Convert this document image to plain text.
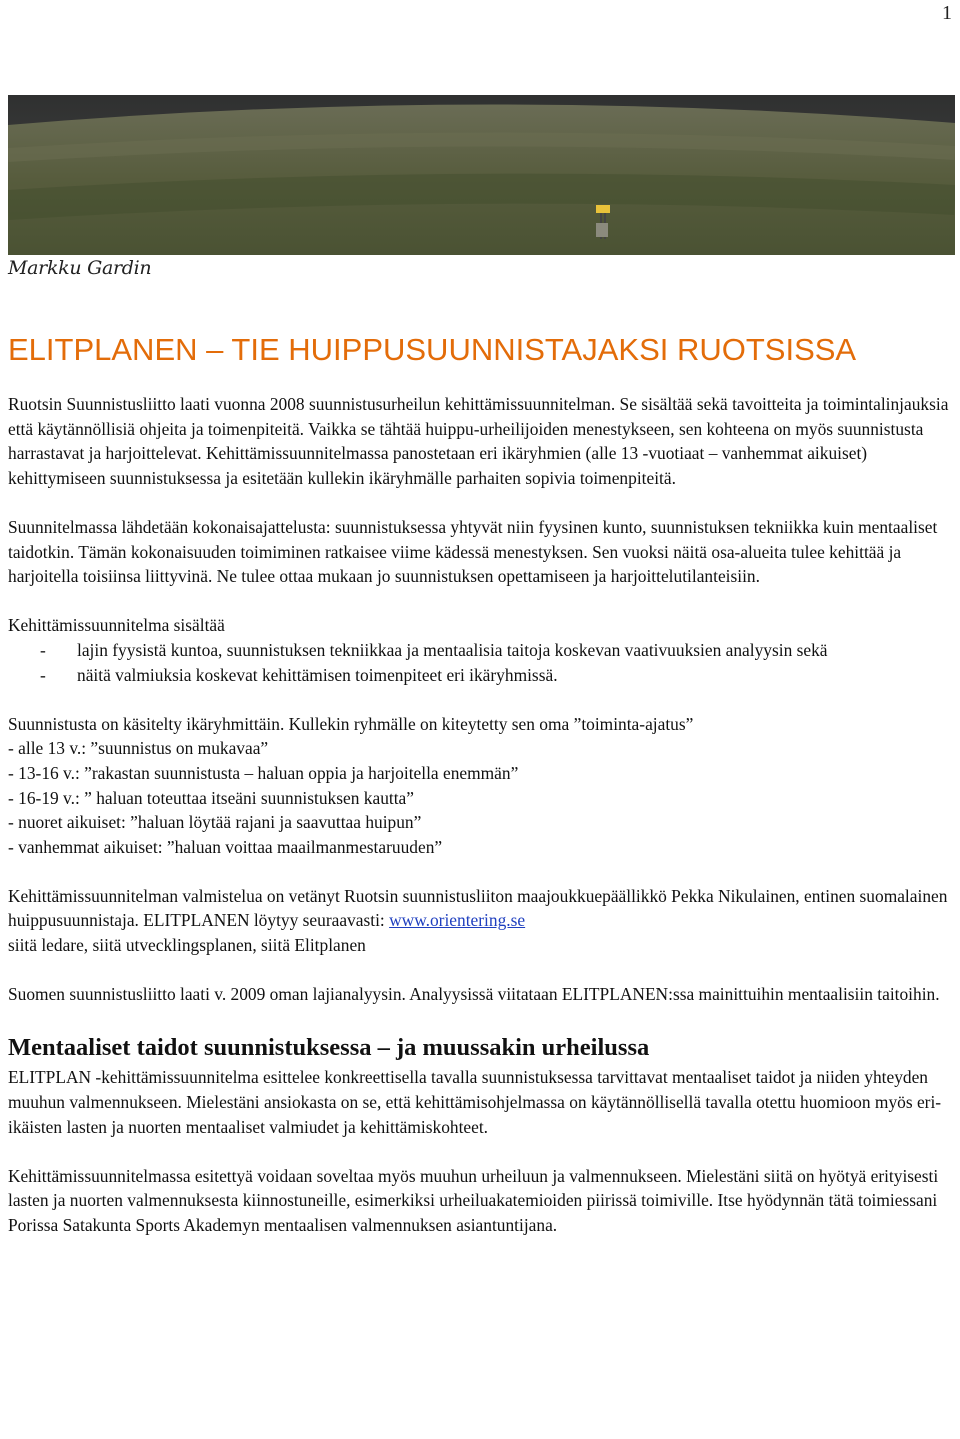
1
Markku Gardin
ELITPLANEN – TIE HUIPPUSUUNNISTAJAKSI RUOTSISSA

Ruotsin Suunnistusliitto laati vuonna 2008 suunnistusurheilun kehittämissuunnitelman. Se sisältää sekä tavoitteita ja toimintalinjauksia että käytännöllisiä ohjeita ja toimenpiteitä. Vaikka se tähtää huippu-urheilijoiden menestykseen, sen kohteena on myös suunnistusta harrastavat ja harjoittelevat. Kehittämissuunnitelmassa panostetaan eri ikäryhmien (alle 13 -vuotiaat – vanhemmat aikuiset) kehittymiseen suunnistuksessa ja esitetään kullekin ikäryhmälle parhaiten sopivia toimenpiteitä.

Suunnitelmassa lähdetään kokonaisajattelusta: suunnistuksessa yhtyvät niin fyysinen kunto, suunnistuksen tekniikka kuin mentaaliset taidotkin. Tämän kokonaisuuden toimiminen ratkaisee viime kädessä menestyksen. Sen vuoksi näitä osa-alueita tulee kehittää ja harjoitella toisiinsa liittyvinä. Ne tulee ottaa mukaan jo suunnistuksen opettamiseen ja harjoittelutilanteisiin.

Kehittämissuunnitelma sisältää

- lajin fyysistä kuntoa, suunnistuksen tekniikkaa ja mentaalisia taitoja koskevan vaativuuksien analyysin sekä
- näitä valmiuksia koskevat kehittämisen toimenpiteet eri ikäryhmissä.

Suunnistusta on käsitelty ikäryhmittäin. Kullekin ryhmälle on kiteytetty sen oma ”toiminta-ajatus”

- alle 13 v.: ”suunnistus on mukavaa”

- 13-16 v.: ”rakastan suunnistusta – haluan oppia ja harjoitella enemmän”

- 16-19 v.: ” haluan toteuttaa itseäni suunnistuksen kautta”

- nuoret aikuiset: ”haluan löytää rajani ja saavuttaa huipun”

- vanhemmat aikuiset: ”haluan voittaa maailmanmestaruuden”

Kehittämissuunnitelman valmistelua on vetänyt Ruotsin suunnistusliiton maajoukkuepäällikkö Pekka Nikulainen, entinen suomalainen huippusuunnistaja. ELITPLANEN löytyy seuraavasti: www.orientering.se
siitä ledare, siitä utvecklingsplanen, siitä Elitplanen

Suomen suunnistusliitto laati v. 2009 oman lajianalyysin. Analyysissä viitataan ELITPLANEN:ssa mainittuihin mentaalisiin taitoihin.

Mentaaliset taidot suunnistuksessa – ja muussakin urheilussa

ELITPLAN -kehittämissuunnitelma esittelee konkreettisella tavalla suunnistuksessa tarvittavat mentaaliset taidot ja niiden yhteyden muuhun valmennukseen. Mielestäni ansiokasta on se, että kehittämisohjelmassa on käytännöllisellä tavalla otettu huomioon myös eri-ikäisten lasten ja nuorten mentaaliset valmiudet ja kehittämiskohteet.

Kehittämissuunnitelmassa esitettyä voidaan soveltaa myös muuhun urheiluun ja valmennukseen. Mielestäni siitä on hyötyä erityisesti lasten ja nuorten valmennuksesta kiinnostuneille, esimerkiksi urheiluakatemioiden piirissä toimiville. Itse hyödynnän tätä toimiessani Porissa Satakunta Sports Akademyn mentaalisen valmennuksen asiantuntijana.
